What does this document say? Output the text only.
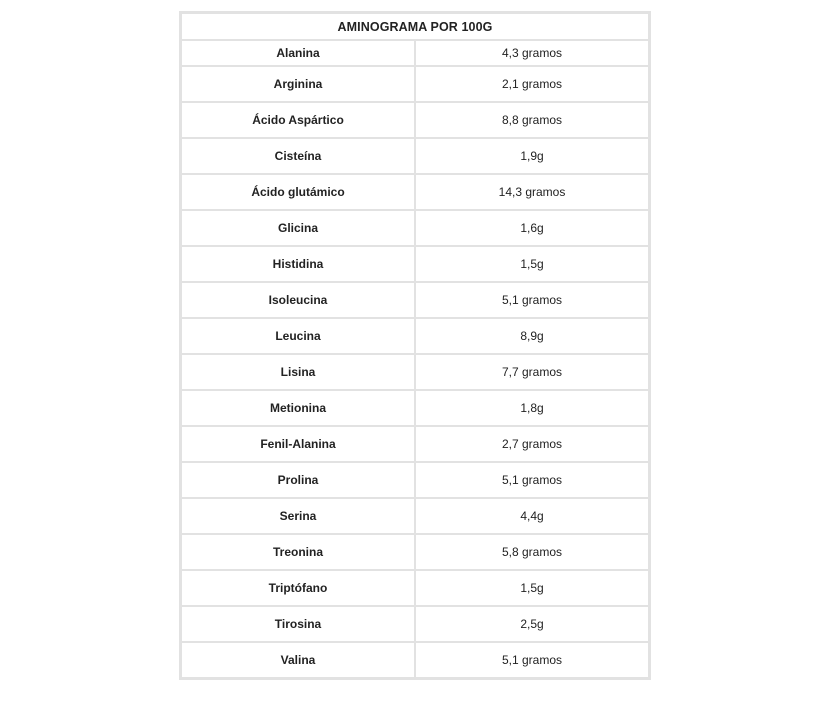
AMINOGRAMA POR 100G	
Alanina	4,3 gramos
Arginina	2,1 gramos
Ácido Aspártico	8,8 gramos
Cisteína	1,9g
Ácido glutámico	14,3 gramos
Glicina	1,6g
Histidina	1,5g
Isoleucina	5,1 gramos
Leucina	8,9g
Lisina	7,7 gramos
Metionina	1,8g
Fenil-Alanina	2,7 gramos
Prolina	5,1 gramos
Serina	4,4g
Treonina	5,8 gramos
Triptófano	1,5g
Tirosina	2,5g
Valina	5,1 gramos
